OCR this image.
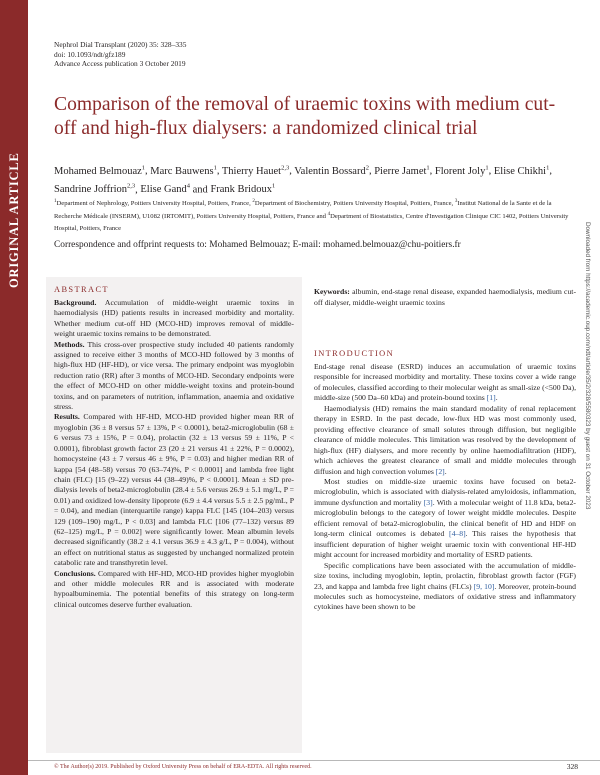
ORIGINAL ARTICLE
Downloaded from https://academic.oup.com/ndt/article/35/2/328/5580323 by guest on 31 October 2023
Nephrol Dial Transplant (2020) 35: 328–335
doi: 10.1093/ndt/gfz189
Advance Access publication 3 October 2019
Comparison of the removal of uraemic toxins with medium cut-off and high-flux dialysers: a randomized clinical trial

Mohamed Belmouaz$^1$, Marc Bauwens$^1$, Thierry Hauet$^{2,3}$, Valentin Bossard$^2$, Pierre Jamet$^1$, Florent Joly$^1$, Elise Chikhi$^1$, Sandrine Joffrion$^{2,3}$, Elise Gand$^4$ and Frank Bridoux$^1$

$^1$Department of Nephrology, Poitiers University Hospital, Poitiers, France, $^2$Department of Biochemistry, Poitiers University Hospital, Poitiers, France, $^3$Institut National de la Sante et de la Recherche Médicale (INSERM), U1082 (IRTOMIT), Poitiers University Hospital, Poitiers, France and $^4$Department of Biostatistics, Centre d'Investigation Clinique CIC 1402, Poitiers University Hospital, Poitiers, France

Correspondence and offprint requests to: Mohamed Belmouaz; E-mail: mohamed.belmouaz@chu-poitiers.fr

ABSTRACT

Background. Accumulation of middle-weight uraemic toxins in haemodialysis (HD) patients results in increased morbidity and mortality. Whether medium cut-off HD (MCO-HD) improves removal of middle-weight uraemic toxins remains to be demonstrated.

Methods. This cross-over prospective study included 40 patients randomly assigned to receive either 3 months of MCO-HD followed by 3 months of high-flux HD (HF-HD), or vice versa. The primary endpoint was myoglobin reduction ratio (RR) after 3 months of MCO-HD. Secondary endpoints were the effect of MCO-HD on other middle-weight toxins and protein-bound toxins, and on parameters of nutrition, inflammation, anaemia and oxidative stress.

Results. Compared with HF-HD, MCO-HD provided higher mean RR of myoglobin (36 ± 8 versus 57 ± 13%, P < 0.0001), beta2-microglobulin (68 ± 6 versus 73 ± 15%, P = 0.04), prolactin (32 ± 13 versus 59 ± 11%, P < 0.0001), fibroblast growth factor 23 (20 ± 21 versus 41 ± 22%, P = 0.0002), homocysteine (43 ± 7 versus 46 ± 9%, P = 0.03) and higher median RR of kappa [54 (48–58) versus 70 (63–74)%, P < 0.0001] and lambda free light chain (FLC) [15 (9–22) versus 44 (38–49)%, P < 0.0001]. Mean ± SD pre-dialysis levels of beta2-microglobulin (28.4 ± 5.6 versus 26.9 ± 5.1 mg/L, P = 0.01) and oxidized low-density lipoprote (6.9 ± 4.4 versus 5.5 ± 2.5 pg/mL, P = 0.04), and median (interquartile range) kappa FLC [145 (104–203) versus 129 (109–190) mg/L, P < 0.03] and lambda FLC [106 (77–132) versus 89 (62–125) mg/L, P = 0.002] were significantly lower. Mean albumin levels decreased significantly (38.2 ± 4.1 versus 36.9 ± 4.3 g/L, P = 0.004), without an effect on nutritional status as suggested by unchanged normalized protein catabolic rate and transthyretin level.

Conclusions. Compared with HF-HD, MCO-HD provides higher myoglobin and other middle molecules RR and is associated with moderate hypoalbuminemia. The potential benefits of this strategy on long-term clinical outcomes deserve further evaluation.

Keywords: albumin, end-stage renal disease, expanded haemodialysis, medium cut-off dialyser, middle-weight uraemic toxins

INTRODUCTION

End-stage renal disease (ESRD) induces an accumulation of uraemic toxins responsible for increased morbidity and mortality. These toxins cover a wide range of molecules, classified according to their molecular weight as small-size (<500 Da), middle-size (500 Da–60 kDa) and protein-bound toxins [1].

Haemodialysis (HD) remains the main standard modality of renal replacement therapy in ESRD. In the past decade, low-flux HD was most commonly used, providing effective clearance of small solutes through diffusion, but negligible clearance of middle molecules. This limitation was resolved by the development of high-flux (HF) dialysers, and more recently by online haemodiafiltration (HDF), which achieves the greatest clearance of small and middle molecules through diffusion and high convection volumes [2].

Most studies on middle-size uraemic toxins have focused on beta2-microglobulin, which is associated with dialysis-related amyloidosis, inflammation, immune dysfunction and mortality [3]. With a molecular weight of 11.8 kDa, beta2-microglobulin belongs to the category of lower weight middle molecules. Despite efficient removal of beta2-microglobulin, the clinical benefit of HD and HDF on long-term clinical outcomes is debated [4–8]. This raises the hypothesis that insufficient depuration of higher weight uraemic toxin with conventional HF-HD might account for increased morbidity and mortality of ESRD patients.

Specific complications have been associated with the accumulation of middle-size toxins, including myoglobin, leptin, prolactin, fibroblast growth factor (FGF) 23, and kappa and lambda free light chains (FLCs) [9, 10]. Moreover, protein-bound molecules such as homocysteine, mediators of oxidative stress and inflammatory cytokines have been shown to be

© The Author(s) 2019. Published by Oxford University Press on behalf of ERA-EDTA. All rights reserved.	328
